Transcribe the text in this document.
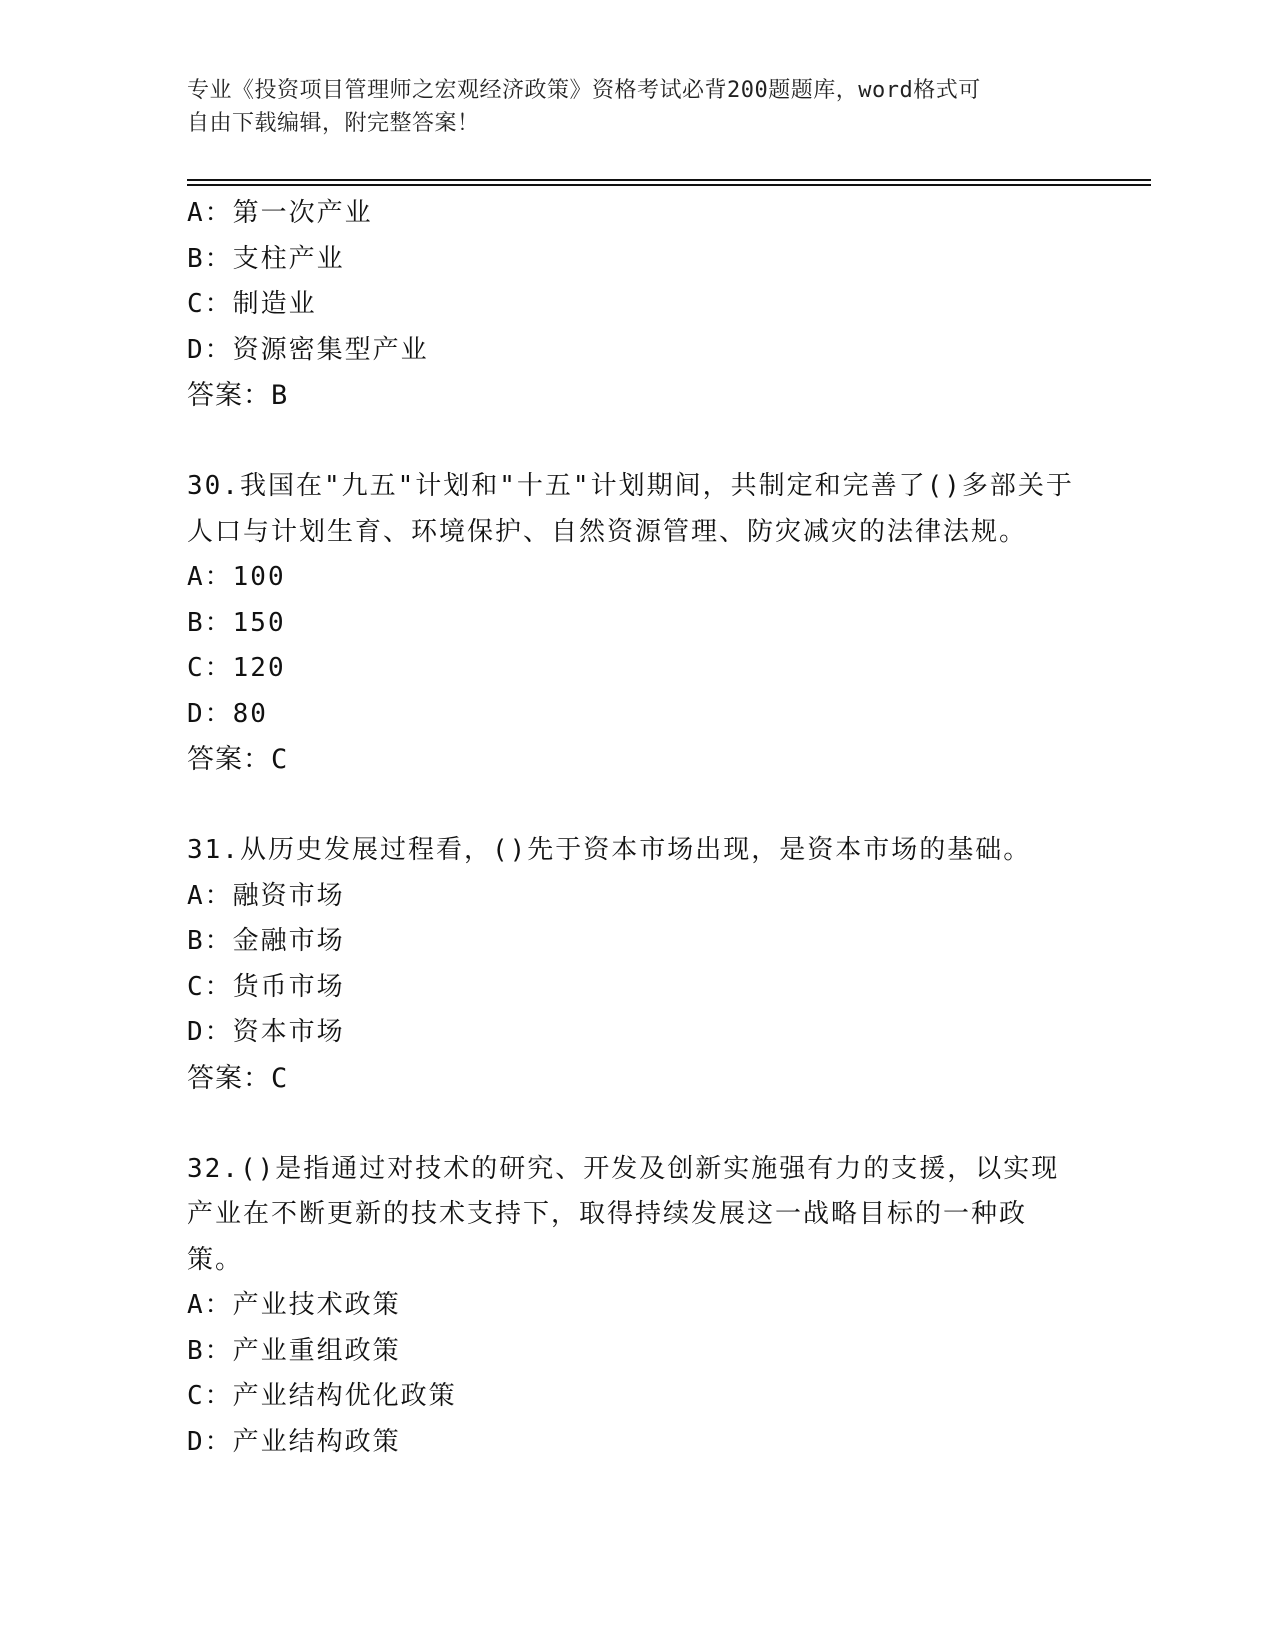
专业《投资项目管理师之宏观经济政策》资格考试必背200题题库，word格式可
自由下载编辑，附完整答案！
A：第一次产业
B：支柱产业
C：制造业
D：资源密集型产业
答案：B
30.我国在"九五"计划和"十五"计划期间，共制定和完善了()多部关于
人口与计划生育、环境保护、自然资源管理、防灾减灾的法律法规。
A：100
B：150
C：120
D：80
答案：C
31.从历史发展过程看，()先于资本市场出现，是资本市场的基础。
A：融资市场
B：金融市场
C：货币市场
D：资本市场
答案：C
32.()是指通过对技术的研究、开发及创新实施强有力的支援，以实现
产业在不断更新的技术支持下，取得持续发展这一战略目标的一种政
策。
A：产业技术政策
B：产业重组政策
C：产业结构优化政策
D：产业结构政策
